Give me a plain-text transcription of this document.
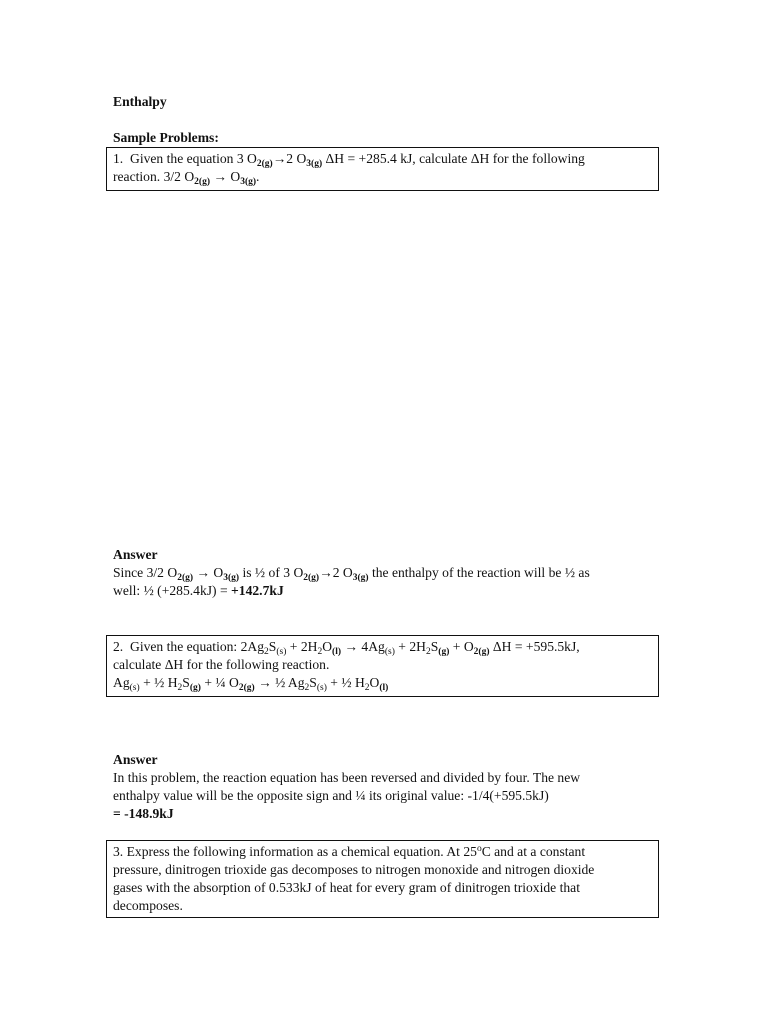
Enthalpy
Sample Problems:
1. Given the equation 3 $O_{2(g)}\to 2$ $O_{3(g)}$ ΔH = +285.4 kJ, calculate ΔH for the following
reaction. 3/2 $O_{2(g)} \to O_{3(g)}$.
Answer
Since 3/2 $O_{2(g)} \to O_{3(g)}$ is ½ of 3 $O_{2(g)}\to 2$ $O_{3(g)}$ the enthalpy of the reaction will be ½ as
well: ½ (+285.4kJ) = +142.7kJ
2. Given the equation: $2Ag_2S_{(s)} + 2H_2O_{(l)} \to 4Ag_{(s)} + 2H_2S_{(g)} + O_{2(g)}$ ΔH = +595.5kJ,
calculate ΔH for the following reaction.
$Ag_{(s)}$ + ½ $H_2S_{(g)}$ + ¼ $O_{2(g)}$ → ½ $Ag_2S_{(s)}$ + ½ $H_2O_{(l)}$
Answer
In this problem, the reaction equation has been reversed and divided by four. The new
enthalpy value will be the opposite sign and ¼ its original value: -1/4(+595.5kJ)
= -148.9kJ
3. Express the following information as a chemical equation. At 25$^o$C and at a constant
pressure, dinitrogen trioxide gas decomposes to nitrogen monoxide and nitrogen dioxide
gases with the absorption of 0.533kJ of heat for every gram of dinitrogen trioxide that
decomposes.
